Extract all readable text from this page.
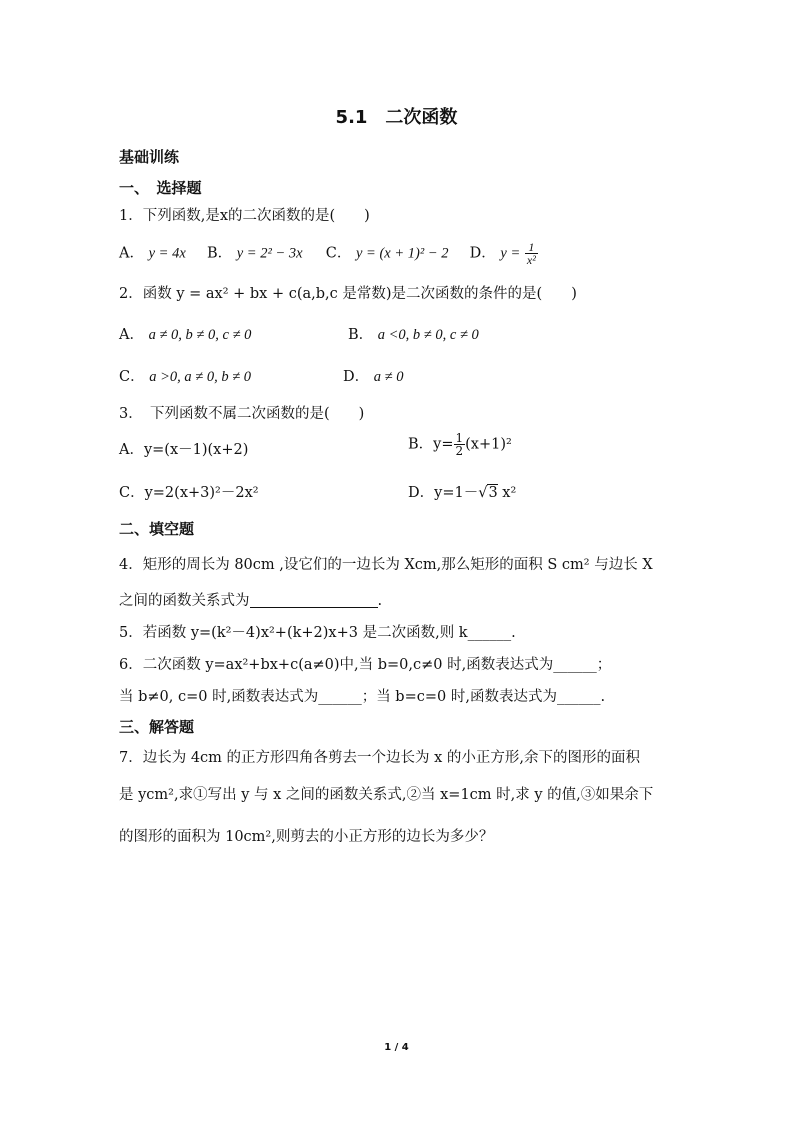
5.1　二次函数
基础训练
一、　选择题
1．下列函数,是x的二次函数的是(　　)
A． y = 4x B． y = 2² − 3x C． y = (x + 1)² − 2 D． $y = \frac{1}{\text{x²}}$
2．函数 y = ax² + bx + c(a,b,c 是常数)是二次函数的条件的是(　　)
A． a ≠ 0, b ≠ 0, c ≠ 0	B． a <0, b ≠ 0, c ≠ 0
C． a >0, a ≠ 0, b ≠ 0	D． a ≠ 0
3．　下列函数不属二次函数的是(　　)
A．y=(x－1)(x+2)	B．$y= \frac{1}{2} (x+1)^2$
C．y=2(x+3)²－2x²	D．y=1－√3 x²
二、填空题
4．矩形的周长为 80cm ,设它们的一边长为 Xcm,那么矩形的面积 S cm² 与边长 X
之间的函数关系式为	.
5．若函数 y=(k²－4)x²+(k+2)x+3 是二次函数,则 k______.
6．二次函数 y=ax²+bx+c(a≠0)中,当 b=0,c≠0 时,函数表达式为______；
当 b≠0, c=0 时,函数表达式为______；当 b=c=0 时,函数表达式为______.
三、解答题
7．边长为 4cm 的正方形四角各剪去一个边长为 x 的小正方形,余下的图形的面积
是 ycm²,求①写出 y 与 x 之间的函数关系式,②当 x=1cm 时,求 y 的值,③如果余下
的图形的面积为 10cm²,则剪去的小正方形的边长为多少？
1 / 4
